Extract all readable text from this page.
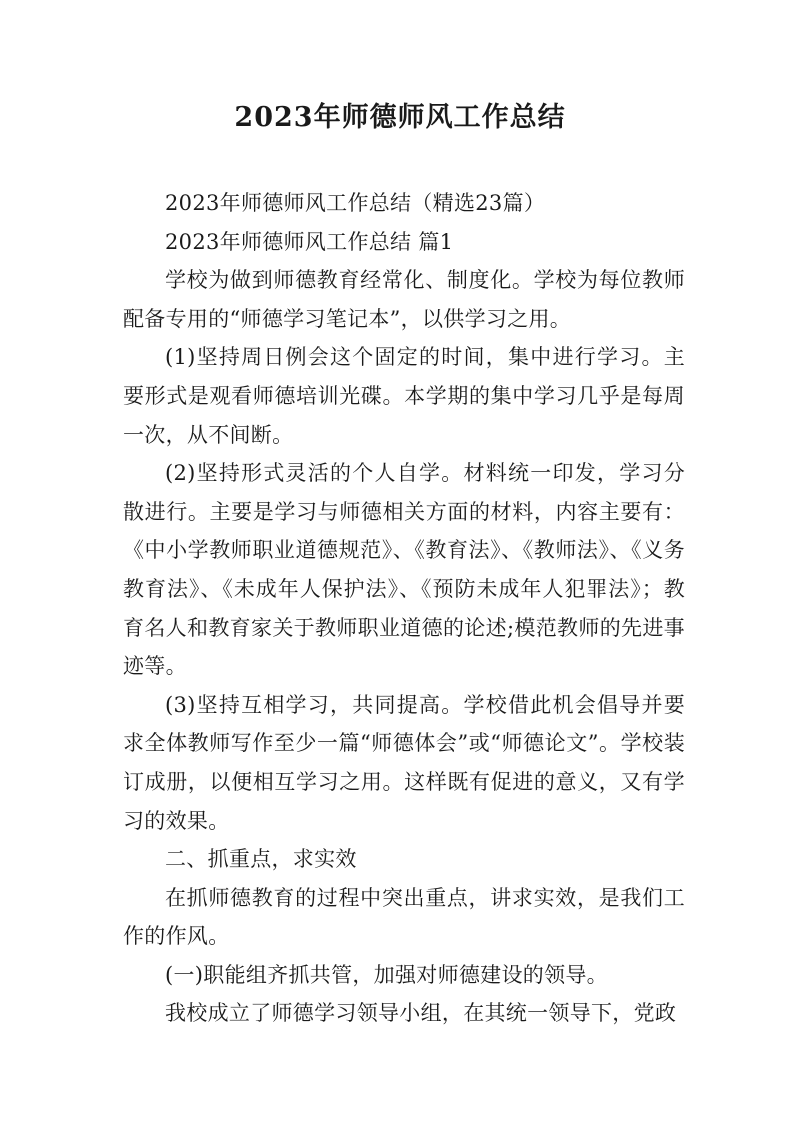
2023年师德师风工作总结

2023年师德师风工作总结（精选23篇）

2023年师德师风工作总结 篇1

学校为做到师德教育经常化、制度化。学校为每位教师配备专用的“师德学习笔记本”，以供学习之用。

(1)坚持周日例会这个固定的时间，集中进行学习。主要形式是观看师德培训光碟。本学期的集中学习几乎是每周一次，从不间断。

(2)坚持形式灵活的个人自学。材料统一印发，学习分散进行。主要是学习与师德相关方面的材料，内容主要有：《中小学教师职业道德规范》、《教育法》、《教师法》、《义务教育法》、《未成年人保护法》、《预防未成年人犯罪法》；教育名人和教育家关于教师职业道德的论述;模范教师的先进事迹等。

(3)坚持互相学习，共同提高。学校借此机会倡导并要求全体教师写作至少一篇“师德体会”或“师德论文”。学校装订成册，以便相互学习之用。这样既有促进的意义，又有学习的效果。

二、抓重点，求实效

在抓师德教育的过程中突出重点，讲求实效，是我们工作的作风。

(一)职能组齐抓共管，加强对师德建设的领导。

我校成立了师德学习领导小组，在其统一领导下，党政
